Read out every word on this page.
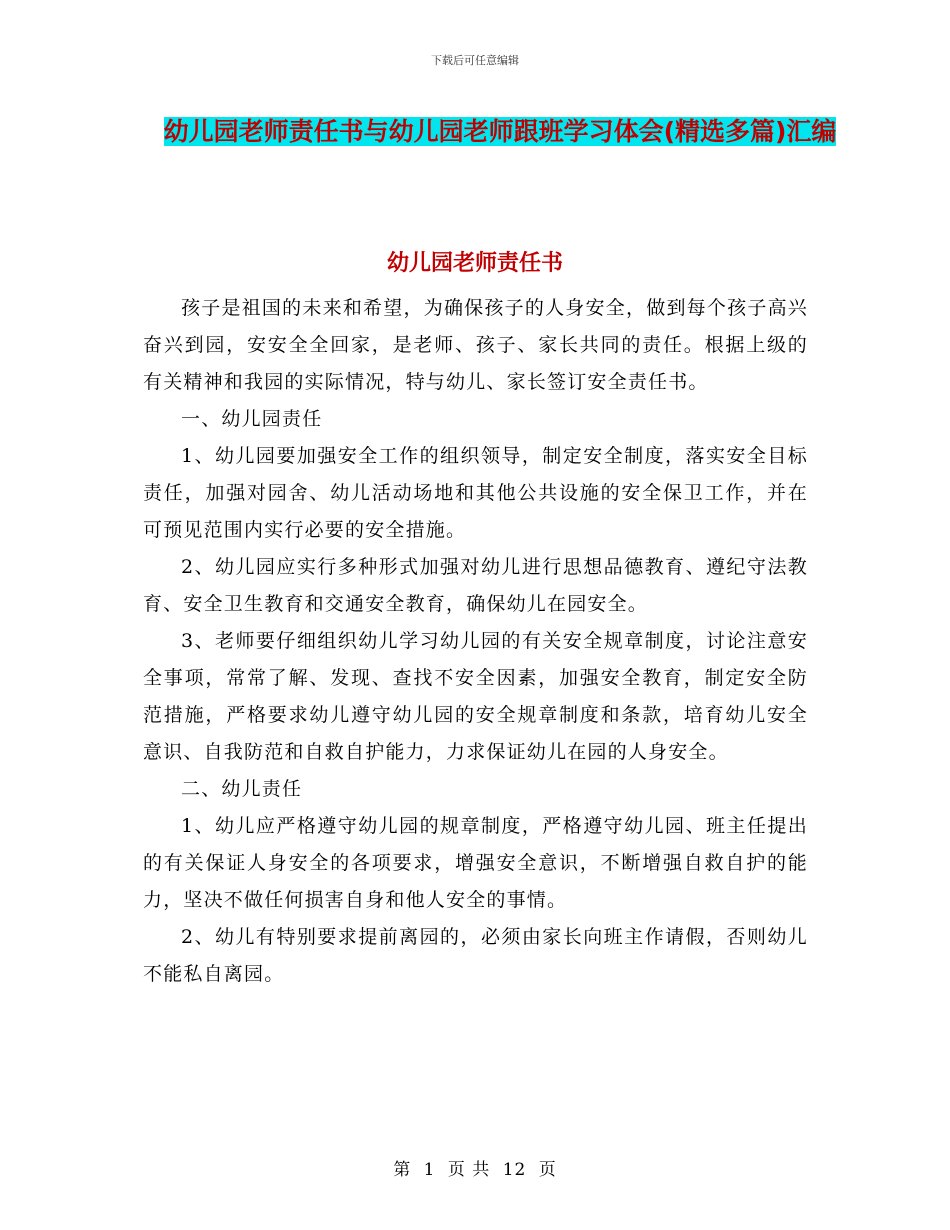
下载后可任意编辑
幼儿园老师责任书与幼儿园老师跟班学习体会(精选多篇)汇编
幼儿园老师责任书

孩子是祖国的未来和希望，为确保孩子的人身安全，做到每个孩子高兴奋兴到园，安安全全回家，是老师、孩子、家长共同的责任。根据上级的有关精神和我园的实际情况，特与幼儿、家长签订安全责任书。

一、幼儿园责任

1、幼儿园要加强安全工作的组织领导，制定安全制度，落实安全目标责任，加强对园舍、幼儿活动场地和其他公共设施的安全保卫工作，并在可预见范围内实行必要的安全措施。

2、幼儿园应实行多种形式加强对幼儿进行思想品德教育、遵纪守法教育、安全卫生教育和交通安全教育，确保幼儿在园安全。

3、老师要仔细组织幼儿学习幼儿园的有关安全规章制度，讨论注意安全事项，常常了解、发现、查找不安全因素，加强安全教育，制定安全防范措施，严格要求幼儿遵守幼儿园的安全规章制度和条款，培育幼儿安全意识、自我防范和自救自护能力，力求保证幼儿在园的人身安全。

二、幼儿责任

1、幼儿应严格遵守幼儿园的规章制度，严格遵守幼儿园、班主任提出的有关保证人身安全的各项要求，增强安全意识，不断增强自救自护的能力，坚决不做任何损害自身和他人安全的事情。

2、幼儿有特别要求提前离园的，必须由家长向班主作请假，否则幼儿不能私自离园。

第 1 页 共 12 页
